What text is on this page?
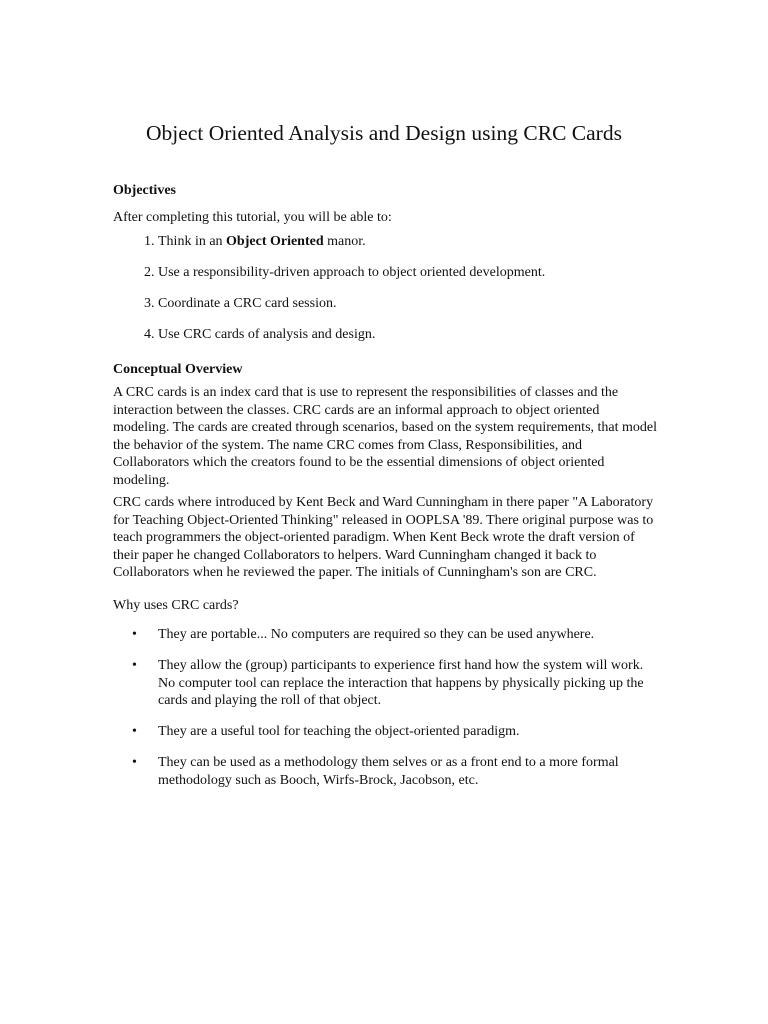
Object Oriented Analysis and Design using CRC Cards
Objectives

After completing this tutorial, you will be able to:

1. Think in an Object Oriented manor.
2. Use a responsibility-driven approach to object oriented development.
3. Coordinate a CRC card session.
4. Use CRC cards of analysis and design.
Conceptual Overview

A CRC cards is an index card that is use to represent the responsibilities of classes and the interaction between the classes. CRC cards are an informal approach to object oriented modeling. The cards are created through scenarios, based on the system requirements, that model the behavior of the system. The name CRC comes from Class, Responsibilities, and Collaborators which the creators found to be the essential dimensions of object oriented modeling.

CRC cards where introduced by Kent Beck and Ward Cunningham in there paper "A Laboratory for Teaching Object-Oriented Thinking" released in OOPLSA '89. There original purpose was to teach programmers the object-oriented paradigm. When Kent Beck wrote the draft version of their paper he changed Collaborators to helpers. Ward Cunningham changed it back to Collaborators when he reviewed the paper. The initials of Cunningham's son are CRC.

Why uses CRC cards?

• They are portable... No computers are required so they can be used anywhere.
• They allow the (group) participants to experience first hand how the system will work. No computer tool can replace the interaction that happens by physically picking up the cards and playing the roll of that object.
• They are a useful tool for teaching the object-oriented paradigm.
• They can be used as a methodology them selves or as a front end to a more formal methodology such as Booch, Wirfs-Brock, Jacobson, etc.
